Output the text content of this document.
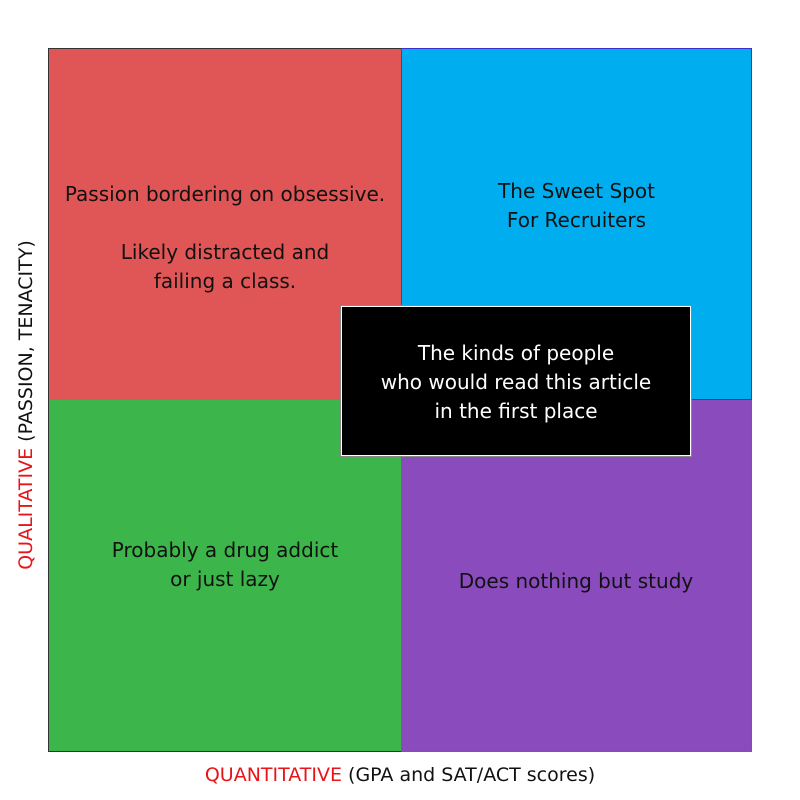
Passion bordering on obsessive.
Likely distracted and
failing a class.
The Sweet Spot
For Recruiters
Probably a drug addict
or just lazy	Does nothing but study
The kinds of people
who would read this article
in the first place
QUANTITATIVE (GPA and SAT/ACT scores)
QUALITATIVE (PASSION, TENACITY)
